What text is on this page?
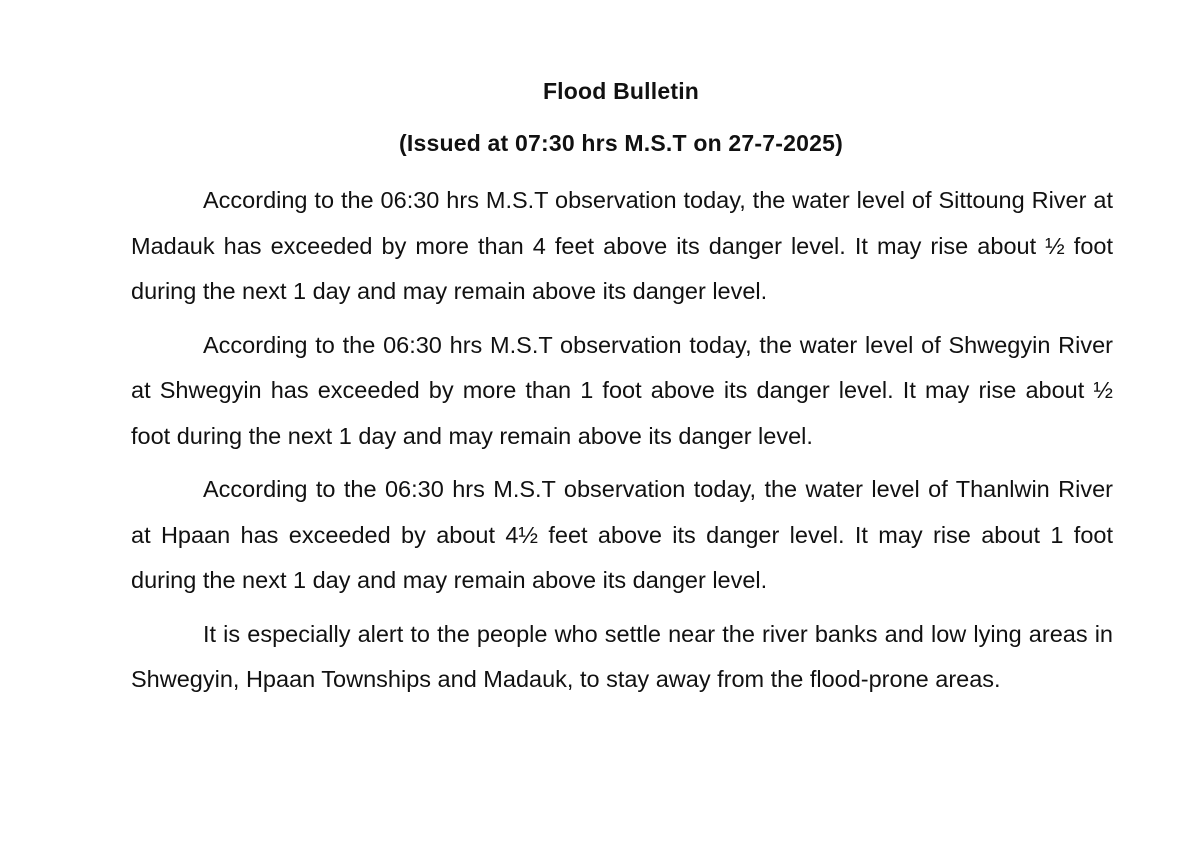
Flood Bulletin
(Issued at 07:30 hrs M.S.T on 27-7-2025)

According to the 06:30 hrs M.S.T observation today, the water level of Sittoung River at Madauk has exceeded by more than 4 feet above its danger level. It may rise about ½ foot during the next 1 day and may remain above its danger level.

According to the 06:30 hrs M.S.T observation today, the water level of Shwegyin River at Shwegyin has exceeded by more than 1 foot above its danger level. It may rise about ½ foot during the next 1 day and may remain above its danger level.

According to the 06:30 hrs M.S.T observation today, the water level of Thanlwin River at Hpaan has exceeded by about 4½ feet above its danger level. It may rise about 1 foot during the next 1 day and may remain above its danger level.

It is especially alert to the people who settle near the river banks and low lying areas in Shwegyin, Hpaan Townships and Madauk, to stay away from the flood-prone areas.
